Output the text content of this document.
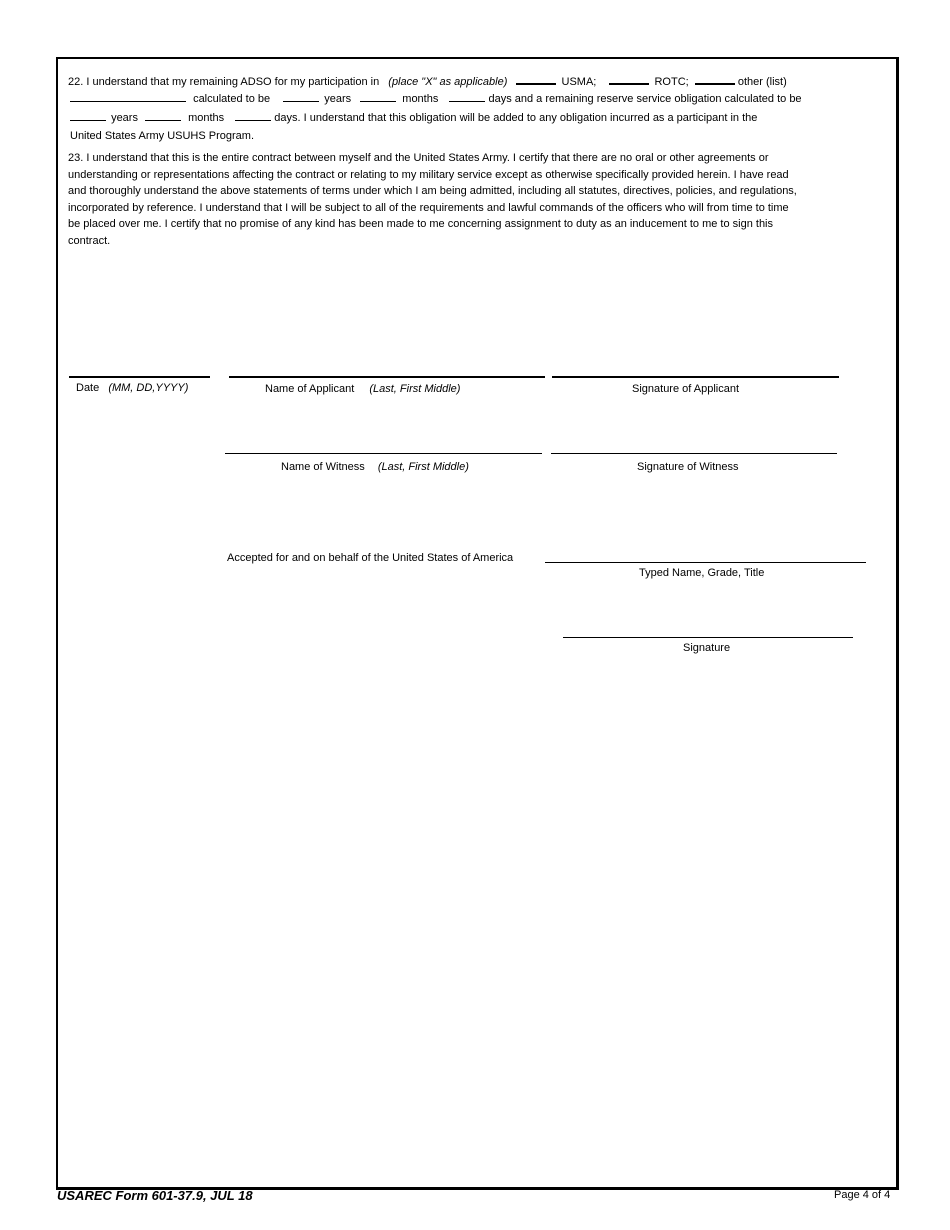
22. I understand that my remaining ADSO for my participation in (place "X" as applicable)	USMA;	ROTC;	other (list)
calculated to be	years	months	days and a remaining reserve service obligation calculated to be
years	months	days. I understand that this obligation will be added to any obligation incurred as a participant in the
United States Army USUHS Program.
23. I understand that this is the entire contract between myself and the United States Army. I certify that there are no oral or other agreements or
understanding or representations affecting the contract or relating to my military service except as otherwise specifically provided herein. I have read
and thoroughly understand the above statements of terms under which I am being admitted, including all statutes, directives, policies, and regulations,
incorporated by reference. I understand that I will be subject to all of the requirements and lawful commands of the officers who will from time to time
be placed over me. I certify that no promise of any kind has been made to me concerning assignment to duty as an inducement to me to sign this
contract.
Date (MM, DD,YYYY)	Name of Applicant (Last, First Middle)	Signature of Applicant
Name of Witness (Last, First Middle)	Signature of Witness
Accepted for and on behalf of the United States of America
Typed Name, Grade, Title
Signature
USAREC Form 601-37.9, JUL 18	Page 4 of 4
